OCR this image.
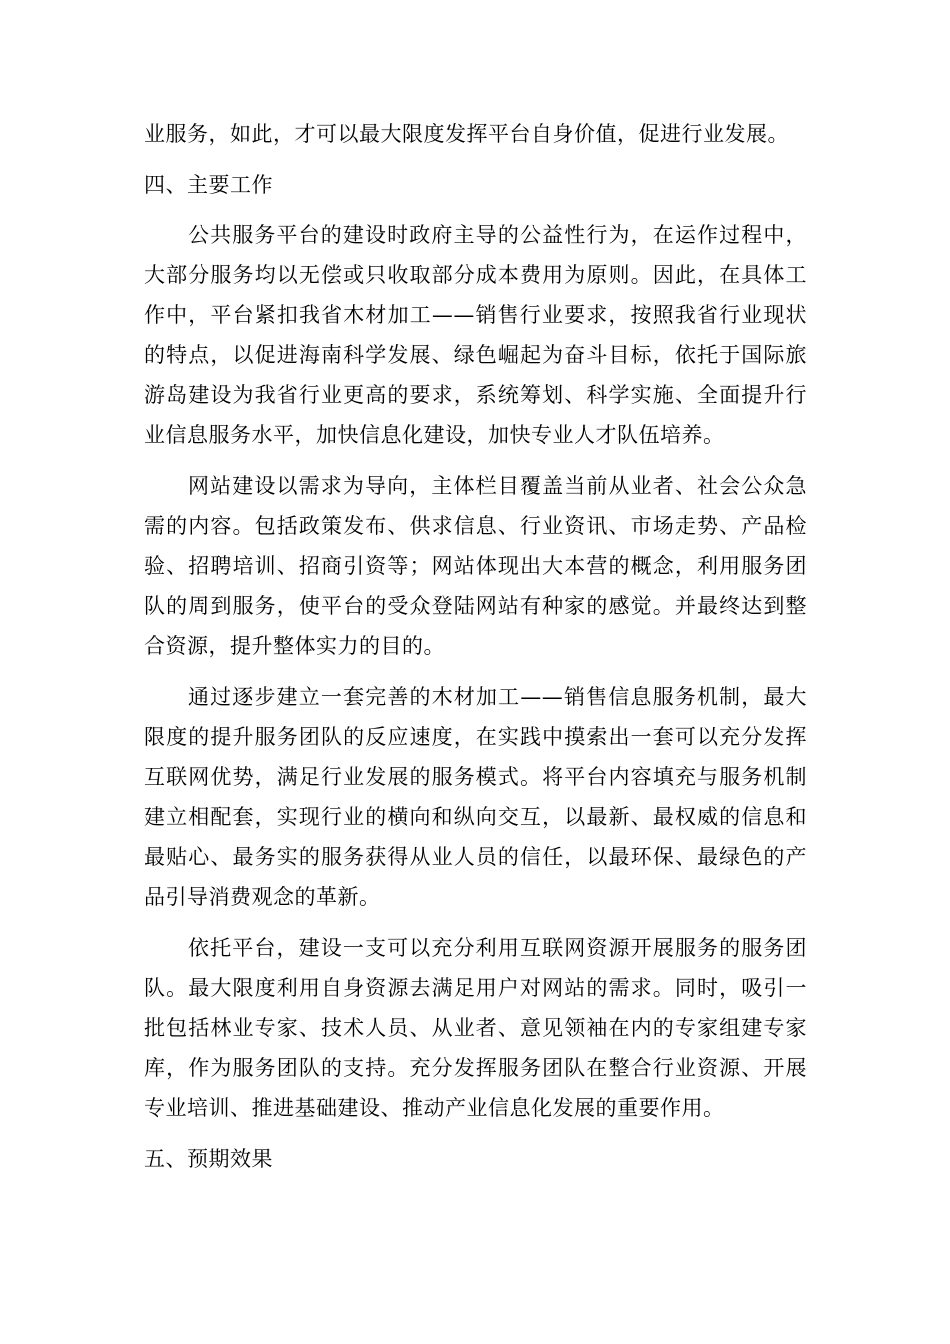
业服务，如此，才可以最大限度发挥平台自身价值，促进行业发展。
四、主要工作
公共服务平台的建设时政府主导的公益性行为，在运作过程中，
大部分服务均以无偿或只收取部分成本费用为原则。因此，在具体工
作中，平台紧扣我省木材加工——销售行业要求，按照我省行业现状
的特点，以促进海南科学发展、绿色崛起为奋斗目标，依托于国际旅
游岛建设为我省行业更高的要求，系统筹划、科学实施、全面提升行
业信息服务水平，加快信息化建设，加快专业人才队伍培养。
网站建设以需求为导向，主体栏目覆盖当前从业者、社会公众急
需的内容。包括政策发布、供求信息、行业资讯、市场走势、产品检
验、招聘培训、招商引资等；网站体现出大本营的概念，利用服务团
队的周到服务，使平台的受众登陆网站有种家的感觉。并最终达到整
合资源，提升整体实力的目的。
通过逐步建立一套完善的木材加工——销售信息服务机制，最大
限度的提升服务团队的反应速度，在实践中摸索出一套可以充分发挥
互联网优势，满足行业发展的服务模式。将平台内容填充与服务机制
建立相配套，实现行业的横向和纵向交互，以最新、最权威的信息和
最贴心、最务实的服务获得从业人员的信任，以最环保、最绿色的产
品引导消费观念的革新。
依托平台，建设一支可以充分利用互联网资源开展服务的服务团
队。最大限度利用自身资源去满足用户对网站的需求。同时，吸引一
批包括林业专家、技术人员、从业者、意见领袖在内的专家组建专家
库，作为服务团队的支持。充分发挥服务团队在整合行业资源、开展
专业培训、推进基础建设、推动产业信息化发展的重要作用。
五、预期效果
